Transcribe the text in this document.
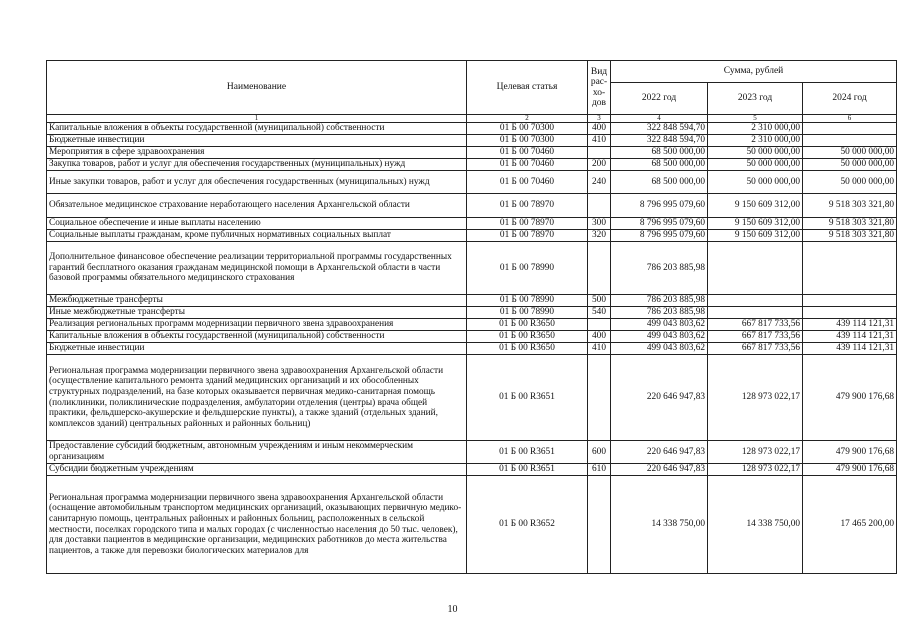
Наименование	Целевая статья	Вид
рас-
хо-
дов	Сумма, рублей		
			2022 год	2023 год	2024 год
1	2	3	4	5	6
Капитальные вложения в объекты государственной (муниципальной) собственности	01 Б 00 70300	400	322 848 594,70	2 310 000,00	
Бюджетные инвестиции	01 Б 00 70300	410	322 848 594,70	2 310 000,00	
Мероприятия в сфере здравоохранения	01 Б 00 70460		68 500 000,00	50 000 000,00	50 000 000,00
Закупка товаров, работ и услуг для обеспечения государственных (муниципальных) нужд	01 Б 00 70460	200	68 500 000,00	50 000 000,00	50 000 000,00
Иные закупки товаров, работ и услуг для обеспечения государственных (муниципальных) нужд	01 Б 00 70460	240	68 500 000,00	50 000 000,00	50 000 000,00
Обязательное медицинское страхование неработающего населения Архангельской области	01 Б 00 78970		8 796 995 079,60	9 150 609 312,00	9 518 303 321,80
Социальное обеспечение и иные выплаты населению	01 Б 00 78970	300	8 796 995 079,60	9 150 609 312,00	9 518 303 321,80
Социальные выплаты гражданам, кроме публичных нормативных социальных выплат	01 Б 00 78970	320	8 796 995 079,60	9 150 609 312,00	9 518 303 321,80
Дополнительное финансовое обеспечение реализации территориальной программы государственных гарантий бесплатного оказания гражданам медицинской помощи в Архангельской области в части базовой программы обязательного медицинского страхования	01 Б 00 78990		786 203 885,98		
Межбюджетные трансферты	01 Б 00 78990	500	786 203 885,98		
Иные межбюджетные трансферты	01 Б 00 78990	540	786 203 885,98		
Реализация региональных программ модернизации первичного звена здравоохранения	01 Б 00 R3650		499 043 803,62	667 817 733,56	439 114 121,31
Капитальные вложения в объекты государственной (муниципальной) собственности	01 Б 00 R3650	400	499 043 803,62	667 817 733,56	439 114 121,31
Бюджетные инвестиции	01 Б 00 R3650	410	499 043 803,62	667 817 733,56	439 114 121,31
Региональная программа модернизации первичного звена здравоохранения Архангельской области (осуществление капитального ремонта зданий медицинских организаций и их обособленных структурных подразделений, на базе которых оказывается первичная медико-санитарная помощь (поликлиники, поликлинические подразделения, амбулатории отделения (центры) врача общей практики, фельдшерско-акушерские и фельдшерские пункты), а также зданий (отдельных зданий, комплексов зданий) центральных районных и районных больниц)	01 Б 00 R3651		220 646 947,83	128 973 022,17	479 900 176,68
Предоставление субсидий бюджетным, автономным учреждениям и иным некоммерческим организациям	01 Б 00 R3651	600	220 646 947,83	128 973 022,17	479 900 176,68
Субсидии бюджетным учреждениям	01 Б 00 R3651	610	220 646 947,83	128 973 022,17	479 900 176,68
Региональная программа модернизации первичного звена здравоохранения Архангельской области (оснащение автомобильным транспортом медицинских организаций, оказывающих первичную медико-санитарную помощь, центральных районных и районных больниц, расположенных в сельской местности, поселках городского типа и малых городах (с численностью населения до 50 тыс. человек), для доставки пациентов в медицинские организации, медицинских работников до места жительства пациентов, а также для перевозки биологических материалов для	01 Б 00 R3652		14 338 750,00	14 338 750,00	17 465 200,00
10
